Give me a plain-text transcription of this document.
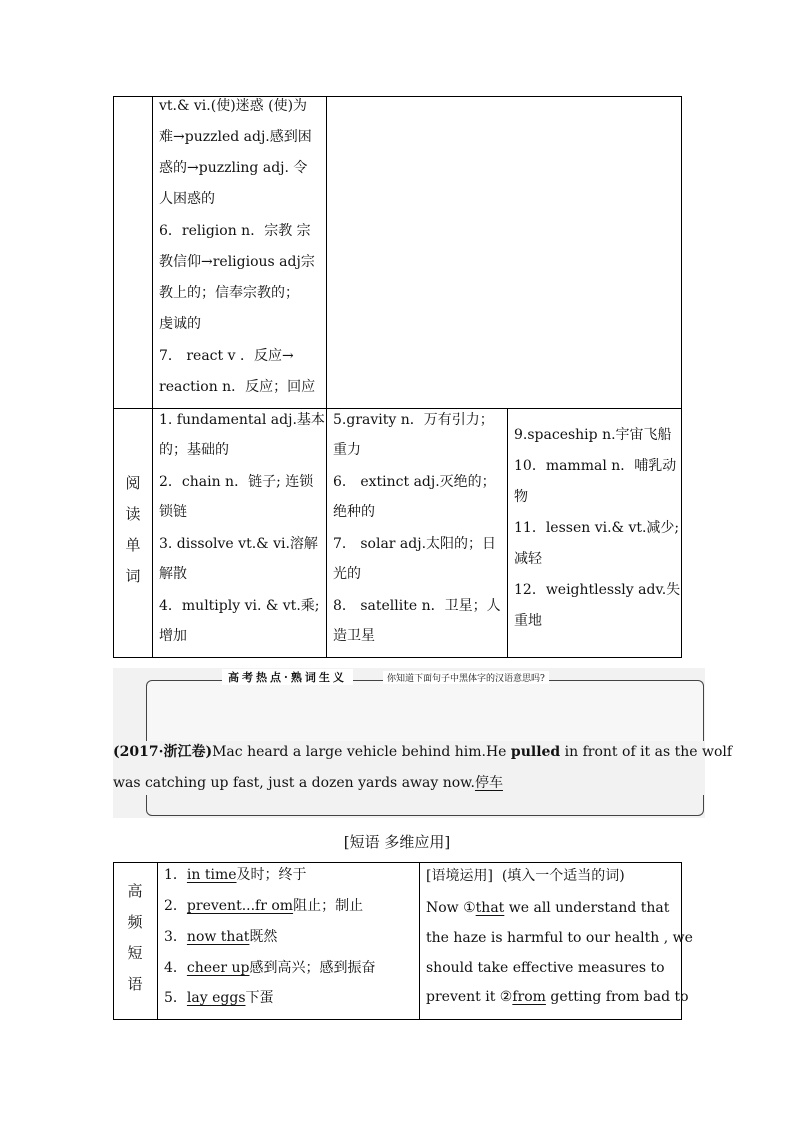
vt.& vi.(使)迷惑 (使)为
难→puzzled adj.感到困
惑的→puzzling adj. 令
人困惑的
6．religion n．宗教 宗
教信仰→religious adj宗
教上的；信奉宗教的；
虔诚的
7． react v ．反应→
reaction n．反应；回应
阅
读
单
词
1. fundamental adj.基本
的；基础的
2．chain n．链子; 连锁
锁链
3. dissolve vt.& vi.溶解
解散
4．multiply vi. & vt.乘;
增加
5.gravity n．万有引力；
重力
6． extinct adj.灭绝的；
绝种的
7． solar adj.太阳的；日
光的
8． satellite n．卫星；人
造卫星
9.spaceship n.宇宙飞船
10．mammal n．哺乳动
物
11．lessen vi.& vt.减少;
减轻
12．weightlessly adv.失
重地
高考热点·熟词生义	你知道下面句子中黑体字的汉语意思吗?
(2017·浙江卷)Mac heard a large vehicle behind him.He pulled in front of it as the wolf
was catching up fast, just a dozen yards away now.停车
[短语 多维应用]
高
频
短
语
1．in time及时；终于
2．prevent...fr om阻止；制止
3．now that既然
4．cheer up感到高兴；感到振奋
5．lay eggs下蛋
[语境运用] (填入一个适当的词)
Now ①that we all understand that
the haze is harmful to our health , we
should take effective measures to
prevent it ②from getting from bad to
